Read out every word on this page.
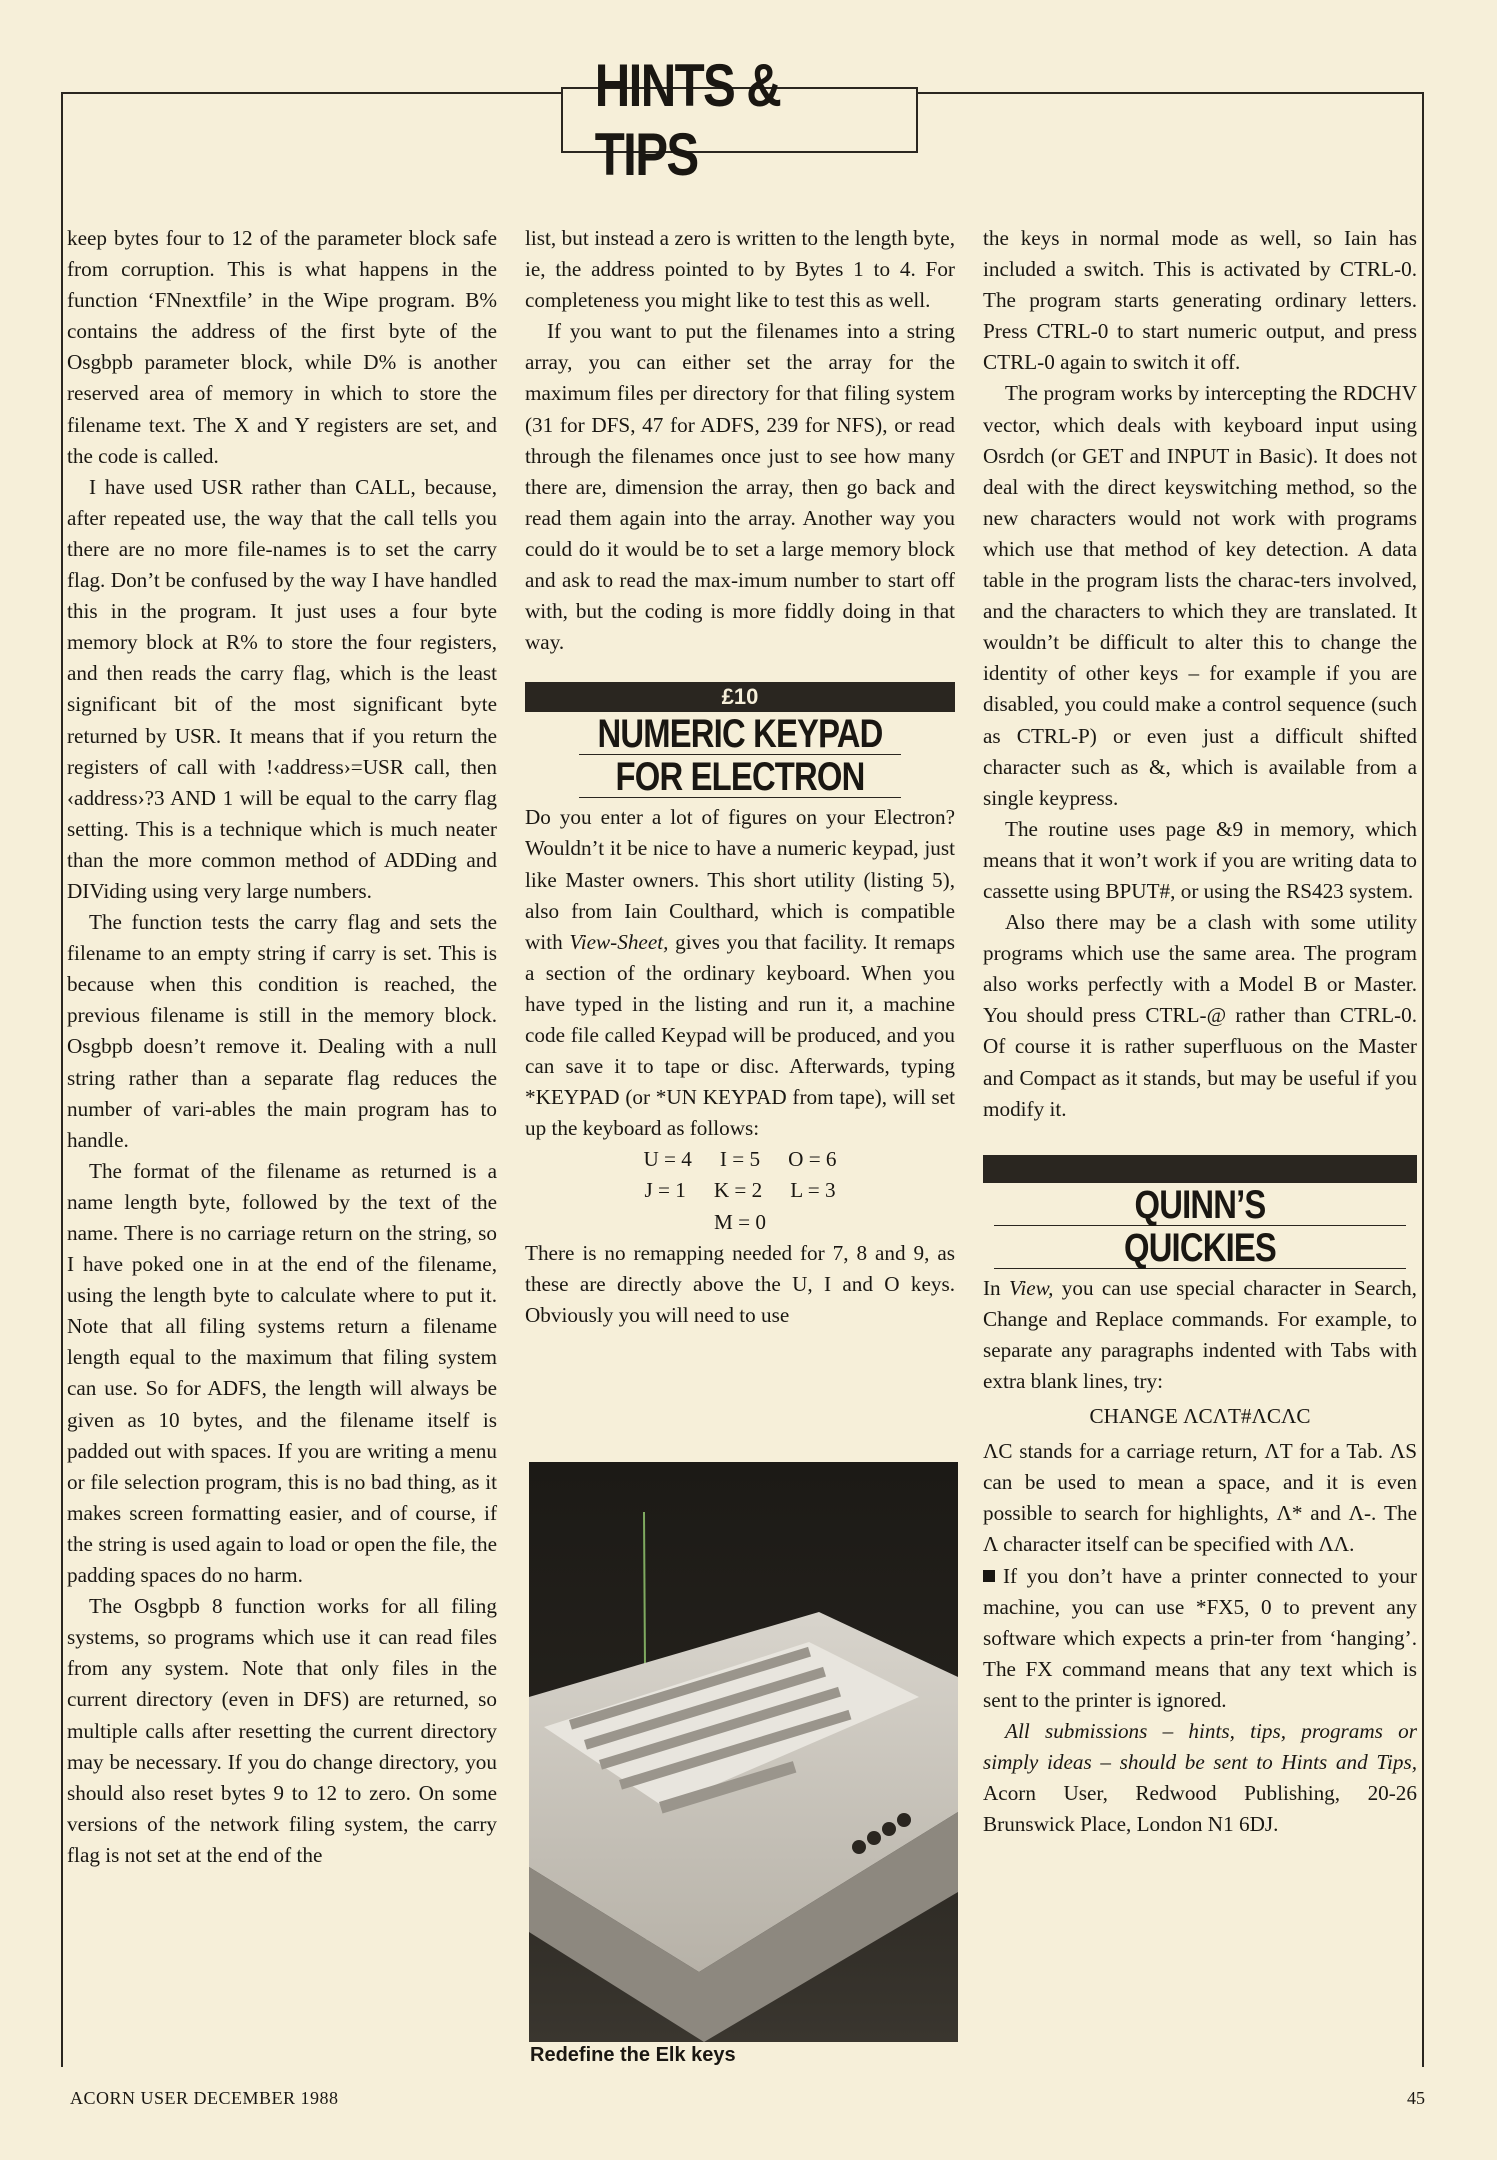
HINTS & TIPS

keep bytes four to 12 of the parameter block safe from corruption. This is what happens in the function ‘FNnextfile’ in the Wipe program. B% contains the address of the first byte of the Osgbpb parameter block, while D% is another reserved area of memory in which to store the filename text. The X and Y registers are set, and the code is called.

I have used USR rather than CALL, because, after repeated use, the way that the call tells you there are no more file-names is to set the carry flag. Don’t be confused by the way I have handled this in the program. It just uses a four byte memory block at R% to store the four registers, and then reads the carry flag, which is the least significant bit of the most significant byte returned by USR. It means that if you return the registers of call with !‹address›=USR call, then ‹address›?3 AND 1 will be equal to the carry flag setting. This is a technique which is much neater than the more common method of ADDing and DIViding using very large numbers.

The function tests the carry flag and sets the filename to an empty string if carry is set. This is because when this condition is reached, the previous filename is still in the memory block. Osgbpb doesn’t remove it. Dealing with a null string rather than a separate flag reduces the number of vari-ables the main program has to handle.

The format of the filename as returned is a name length byte, followed by the text of the name. There is no carriage return on the string, so I have poked one in at the end of the filename, using the length byte to calculate where to put it. Note that all filing systems return a filename length equal to the maximum that filing system can use. So for ADFS, the length will always be given as 10 bytes, and the filename itself is padded out with spaces. If you are writing a menu or file selection program, this is no bad thing, as it makes screen formatting easier, and of course, if the string is used again to load or open the file, the padding spaces do no harm.

The Osgbpb 8 function works for all filing systems, so programs which use it can read files from any system. Note that only files in the current directory (even in DFS) are returned, so multiple calls after resetting the current directory may be necessary. If you do change directory, you should also reset bytes 9 to 12 to zero. On some versions of the network filing system, the carry flag is not set at the end of the

list, but instead a zero is written to the length byte, ie, the address pointed to by Bytes 1 to 4. For completeness you might like to test this as well.

If you want to put the filenames into a string array, you can either set the array for the maximum files per directory for that filing system (31 for DFS, 47 for ADFS, 239 for NFS), or read through the filenames once just to see how many there are, dimension the array, then go back and read them again into the array. Another way you could do it would be to set a large memory block and ask to read the max-imum number to start off with, but the coding is more fiddly doing in that way.

£10
NUMERIC KEYPAD
FOR ELECTRON

Do you enter a lot of figures on your Electron? Wouldn’t it be nice to have a numeric keypad, just like Master owners. This short utility (listing 5), also from Iain Coulthard, which is compatible with View-Sheet, gives you that facility. It remaps a section of the ordinary keyboard. When you have typed in the listing and run it, a machine code file called Keypad will be produced, and you can save it to tape or disc. Afterwards, typing *KEYPAD (or *UN KEYPAD from tape), will set up the keyboard as follows:

U = 4 I = 5 O = 6
J = 1 K = 2 L = 3
M = 0

There is no remapping needed for 7, 8 and 9, as these are directly above the U, I and O keys. Obviously you will need to use

Redefine the Elk keys

the keys in normal mode as well, so Iain has included a switch. This is activated by CTRL-0. The program starts generating ordinary letters. Press CTRL-0 to start numeric output, and press CTRL-0 again to switch it off.

The program works by intercepting the RDCHV vector, which deals with keyboard input using Osrdch (or GET and INPUT in Basic). It does not deal with the direct keyswitching method, so the new characters would not work with programs which use that method of key detection. A data table in the program lists the charac-ters involved, and the characters to which they are translated. It wouldn’t be difficult to alter this to change the identity of other keys – for example if you are disabled, you could make a control sequence (such as CTRL-P) or even just a difficult shifted character such as &, which is available from a single keypress.

The routine uses page &9 in memory, which means that it won’t work if you are writing data to cassette using BPUT#, or using the RS423 system.

Also there may be a clash with some utility programs which use the same area. The program also works perfectly with a Model B or Master. You should press CTRL-@ rather than CTRL-0. Of course it is rather superfluous on the Master and Compact as it stands, but may be useful if you modify it.

QUINN’S
QUICKIES

In View, you can use special character in Search, Change and Replace commands. For example, to separate any paragraphs indented with Tabs with extra blank lines, try:

CHANGE ΛCΛT#ΛCΛC

ΛC stands for a carriage return, ΛT for a Tab. ΛS can be used to mean a space, and it is even possible to search for highlights, Λ* and Λ-. The Λ character itself can be specified with ΛΛ.

If you don’t have a printer connected to your machine, you can use *FX5, 0 to prevent any software which expects a prin-ter from ‘hanging’. The FX command means that any text which is sent to the printer is ignored.

All submissions – hints, tips, programs or simply ideas – should be sent to Hints and Tips, Acorn User, Redwood Publishing, 20-26 Brunswick Place, London N1 6DJ.

ACORN USER DECEMBER 1988	45
